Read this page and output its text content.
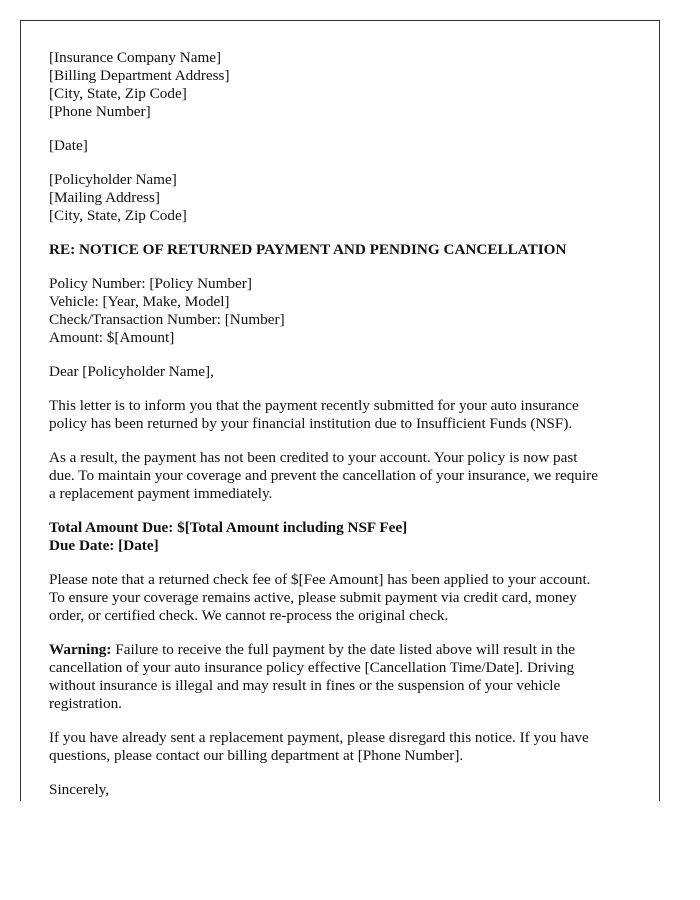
[Insurance Company Name]
[Billing Department Address]
[City, State, Zip Code]
[Phone Number]
[Date]
[Policyholder Name]
[Mailing Address]
[City, State, Zip Code]
RE: NOTICE OF RETURNED PAYMENT AND PENDING CANCELLATION
Policy Number: [Policy Number]
Vehicle: [Year, Make, Model]
Check/Transaction Number: [Number]
Amount: $[Amount]
Dear [Policyholder Name],
This letter is to inform you that the payment recently submitted for your auto insurance
policy has been returned by your financial institution due to Insufficient Funds (NSF).
As a result, the payment has not been credited to your account. Your policy is now past
due. To maintain your coverage and prevent the cancellation of your insurance, we require
a replacement payment immediately.
Total Amount Due: $[Total Amount including NSF Fee]
Due Date: [Date]
Please note that a returned check fee of $[Fee Amount] has been applied to your account.
To ensure your coverage remains active, please submit payment via credit card, money
order, or certified check. We cannot re-process the original check.
Warning: Failure to receive the full payment by the date listed above will result in the
cancellation of your auto insurance policy effective [Cancellation Time/Date]. Driving
without insurance is illegal and may result in fines or the suspension of your vehicle
registration.
If you have already sent a replacement payment, please disregard this notice. If you have
questions, please contact our billing department at [Phone Number].
Sincerely,
